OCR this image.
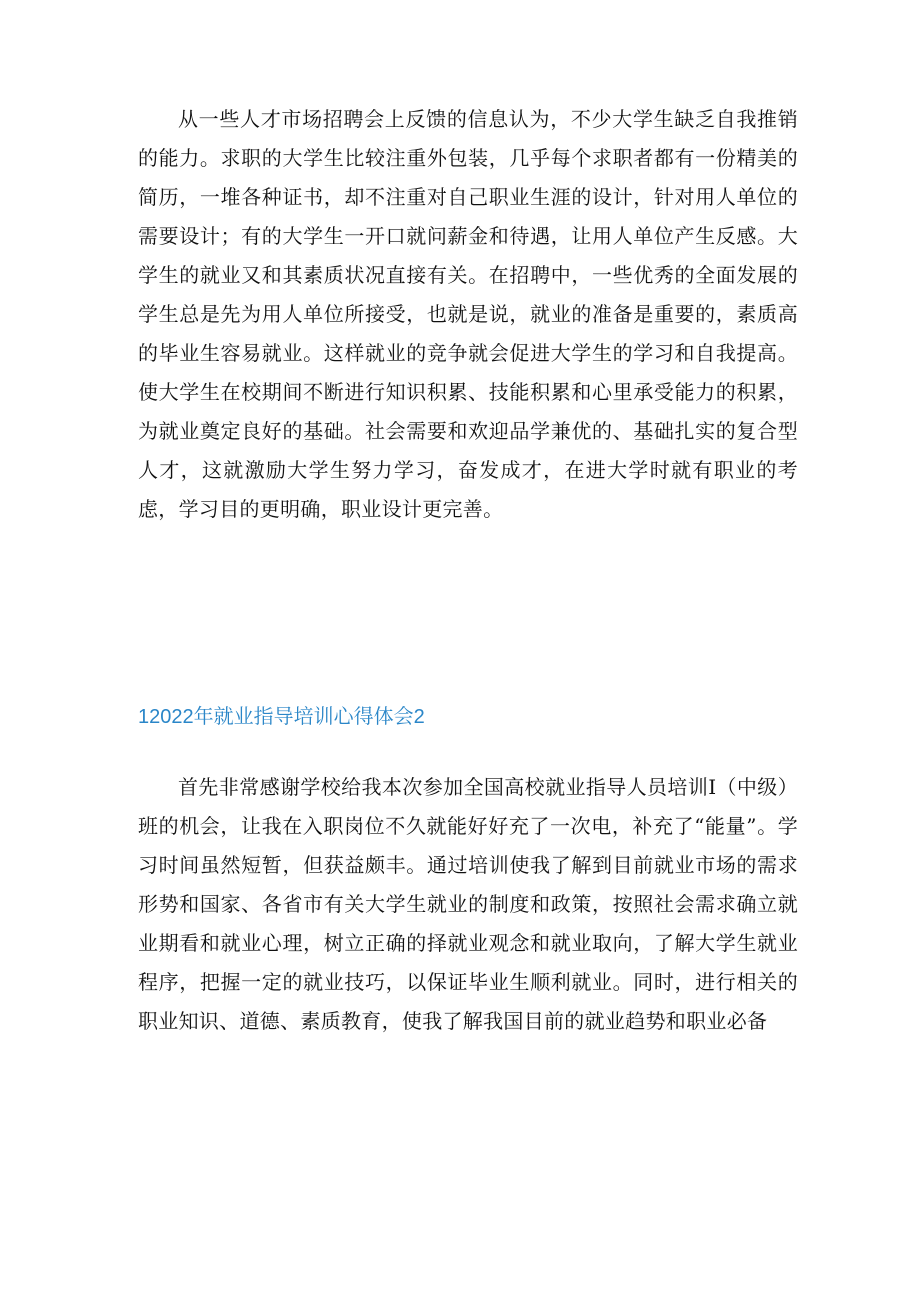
从一些人才市场招聘会上反馈的信息认为，不少大学生缺乏自我推销的能力。求职的大学生比较注重外包装，几乎每个求职者都有一份精美的简历，一堆各种证书，却不注重对自己职业生涯的设计，针对用人单位的需要设计；有的大学生一开口就问薪金和待遇，让用人单位产生反感。大学生的就业又和其素质状况直接有关。在招聘中，一些优秀的全面发展的学生总是先为用人单位所接受，也就是说，就业的准备是重要的，素质高的毕业生容易就业。这样就业的竞争就会促进大学生的学习和自我提高。使大学生在校期间不断进行知识积累、技能积累和心里承受能力的积累，为就业奠定良好的基础。社会需要和欢迎品学兼优的、基础扎实的复合型人才，这就激励大学生努力学习，奋发成才，在进大学时就有职业的考虑，学习目的更明确，职业设计更完善。

12022年就业指导培训心得体会2

首先非常感谢学校给我本次参加全国高校就业指导人员培训I（中级）班的机会，让我在入职岗位不久就能好好充了一次电，补充了“能量”。学习时间虽然短暂，但获益颇丰。通过培训使我了解到目前就业市场的需求形势和国家、各省市有关大学生就业的制度和政策，按照社会需求确立就业期看和就业心理，树立正确的择就业观念和就业取向，了解大学生就业程序，把握一定的就业技巧，以保证毕业生顺利就业。同时，进行相关的职业知识、道德、素质教育，使我了解我国目前的就业趋势和职业必备
